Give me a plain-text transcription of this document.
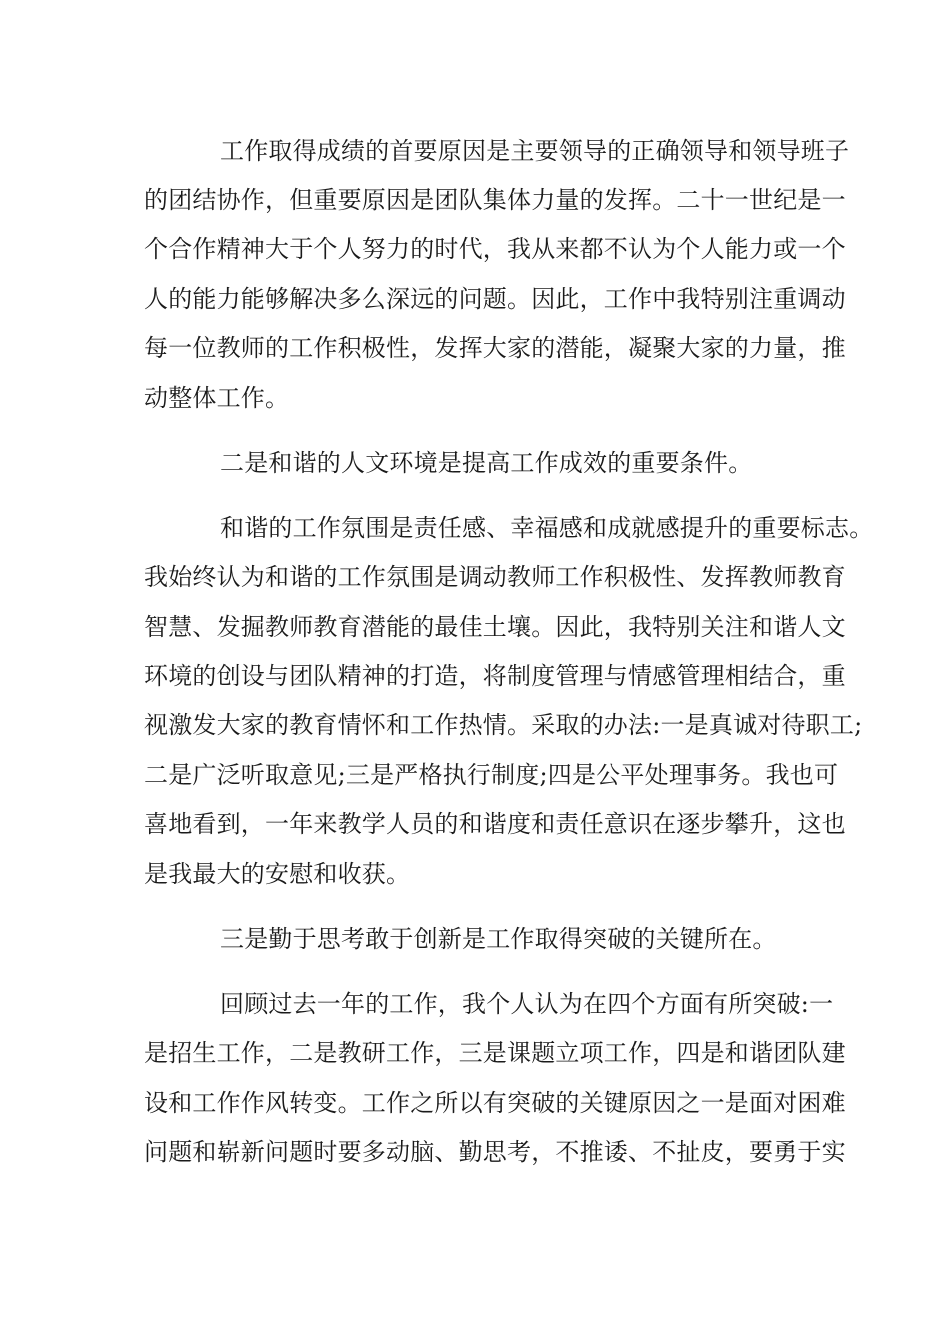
工作取得成绩的首要原因是主要领导的正确领导和领导班子
的团结协作，但重要原因是团队集体力量的发挥。二十一世纪是一
个合作精神大于个人努力的时代，我从来都不认为个人能力或一个
人的能力能够解决多么深远的问题。因此，工作中我特别注重调动
每一位教师的工作积极性，发挥大家的潜能，凝聚大家的力量，推
动整体工作。
二是和谐的人文环境是提高工作成效的重要条件。
和谐的工作氛围是责任感、幸福感和成就感提升的重要标志。
我始终认为和谐的工作氛围是调动教师工作积极性、发挥教师教育
智慧、发掘教师教育潜能的最佳土壤。因此，我特别关注和谐人文
环境的创设与团队精神的打造，将制度管理与情感管理相结合，重
视激发大家的教育情怀和工作热情。采取的办法:一是真诚对待职工;
二是广泛听取意见;三是严格执行制度;四是公平处理事务。我也可
喜地看到，一年来教学人员的和谐度和责任意识在逐步攀升，这也
是我最大的安慰和收获。
三是勤于思考敢于创新是工作取得突破的关键所在。
回顾过去一年的工作，我个人认为在四个方面有所突破:一
是招生工作，二是教研工作，三是课题立项工作，四是和谐团队建
设和工作作风转变。工作之所以有突破的关键原因之一是面对困难
问题和崭新问题时要多动脑、勤思考，不推诿、不扯皮，要勇于实
